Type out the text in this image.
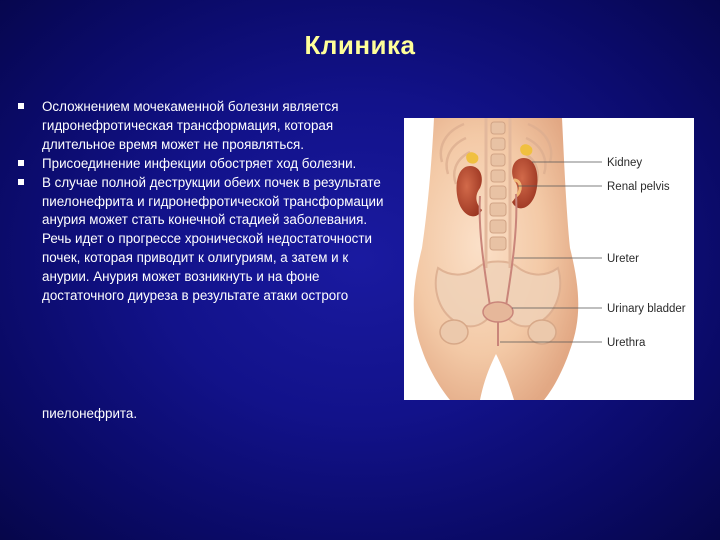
Клиника
Осложнением мочекаменной болезни является гидронефротическая трансформация, которая длительное время может не проявляться.
Присоединение инфекции обостряет ход болезни.
В случае полной деструкции обеих почек в результате пиелонефрита и гидронефротической трансформации анурия может стать конечной стадией заболевания. Речь идет о прогрессе хронической недостаточности почек, которая приводит к олигуриям, а затем и к анурии. Анурия может возникнуть и на фоне достаточного диуреза в результате атаки острого
пиелонефрита.
Kidney
Renal pelvis
Ureter
Urinary bladder
Urethra
